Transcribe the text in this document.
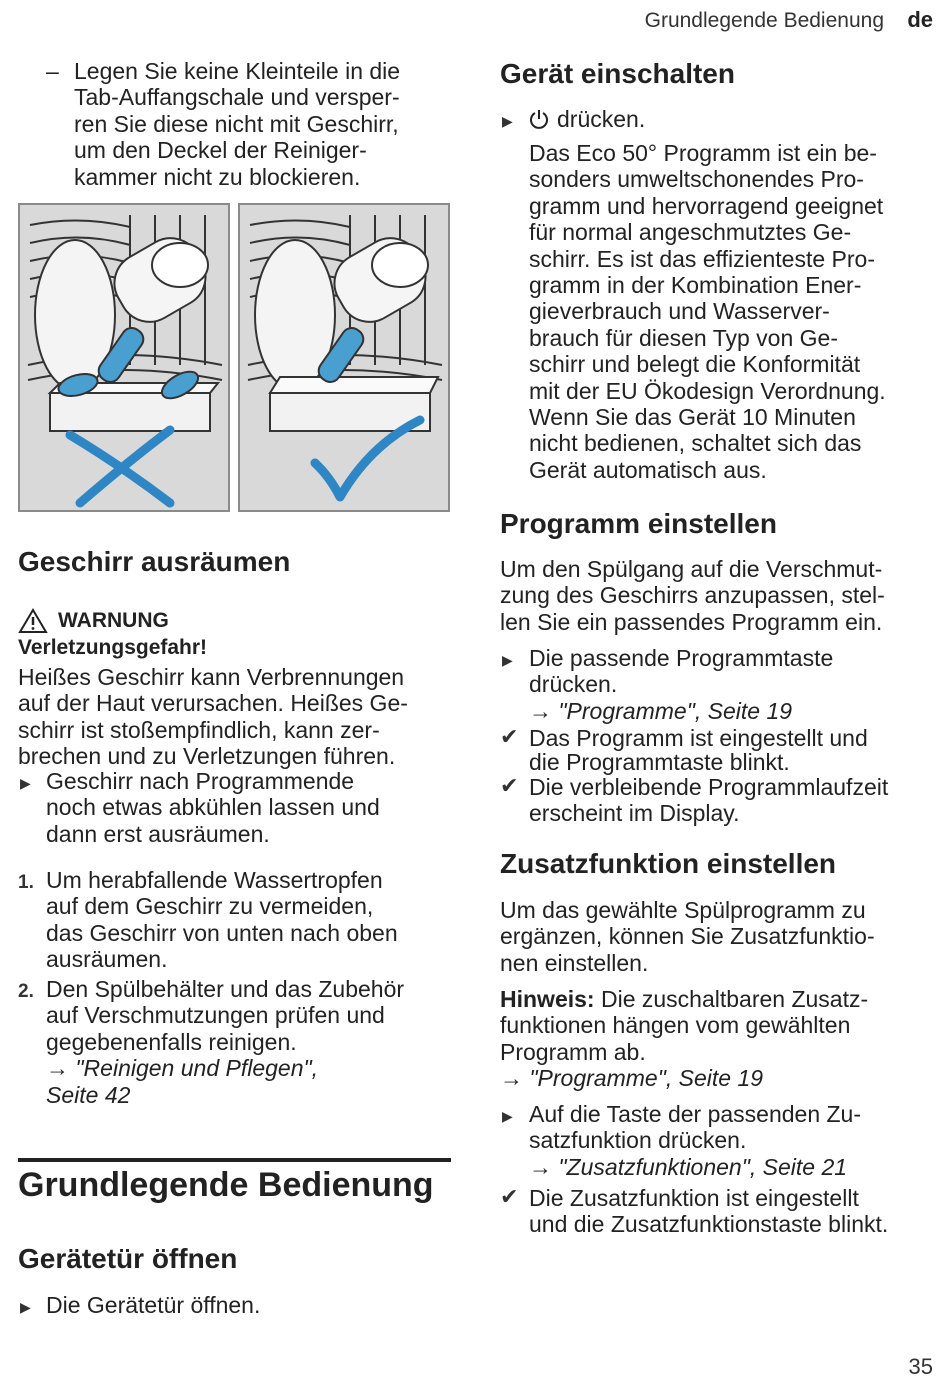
Grundlegende Bedienung de
– Legen Sie keine Kleinteile in die

Tab-Auffangschale und versper-

ren Sie diese nicht mit Geschirr,

um den Deckel der Reiniger-

kammer nicht zu blockieren.

Geschirr ausräumen
WARNUNG
Verletzungsgefahr!

Heißes Geschirr kann Verbrennungen

auf der Haut verursachen. Heißes Ge-

schirr ist stoßempfindlich, kann zer-

brechen und zu Verletzungen führen.

▶ Geschirr nach Programmende

noch etwas abkühlen lassen und

dann erst ausräumen.

1. Um herabfallende Wassertropfen

auf dem Geschirr zu vermeiden,

das Geschirr von unten nach oben

ausräumen.

2. Den Spülbehälter und das Zubehör

auf Verschmutzungen prüfen und

gegebenenfalls reinigen.

→ "Reinigen und Pflegen",

Seite 42

Grundlegende Bedienung
Gerätetür öffnen
▶ Die Gerätetür öffnen.

Gerät einschalten
▶ drücken.

Das Eco 50° Programm ist ein be-

sonders umweltschonendes Pro-

gramm und hervorragend geeignet

für normal angeschmutztes Ge-

schirr. Es ist das effizienteste Pro-

gramm in der Kombination Ener-

gieverbrauch und Wasserver-

brauch für diesen Typ von Ge-

schirr und belegt die Konformität

mit der EU Ökodesign Verordnung.

Wenn Sie das Gerät 10 Minuten

nicht bedienen, schaltet sich das

Gerät automatisch aus.

Programm einstellen

Um den Spülgang auf die Verschmut-

zung des Geschirrs anzupassen, stel-

len Sie ein passendes Programm ein.

▶ Die passende Programmtaste

drücken.

→ "Programme", Seite 19

✔ Das Programm ist eingestellt und

die Programmtaste blinkt.

✔ Die verbleibende Programmlaufzeit

erscheint im Display.

Zusatzfunktion einstellen

Um das gewählte Spülprogramm zu

ergänzen, können Sie Zusatzfunktio-

nen einstellen.

Hinweis: Die zuschaltbaren Zusatz-

funktionen hängen vom gewählten

Programm ab.

→ "Programme", Seite 19

▶ Auf die Taste der passenden Zu-

satzfunktion drücken.

→ "Zusatzfunktionen", Seite 21

✔ Die Zusatzfunktion ist eingestellt

und die Zusatzfunktionstaste blinkt.

35
